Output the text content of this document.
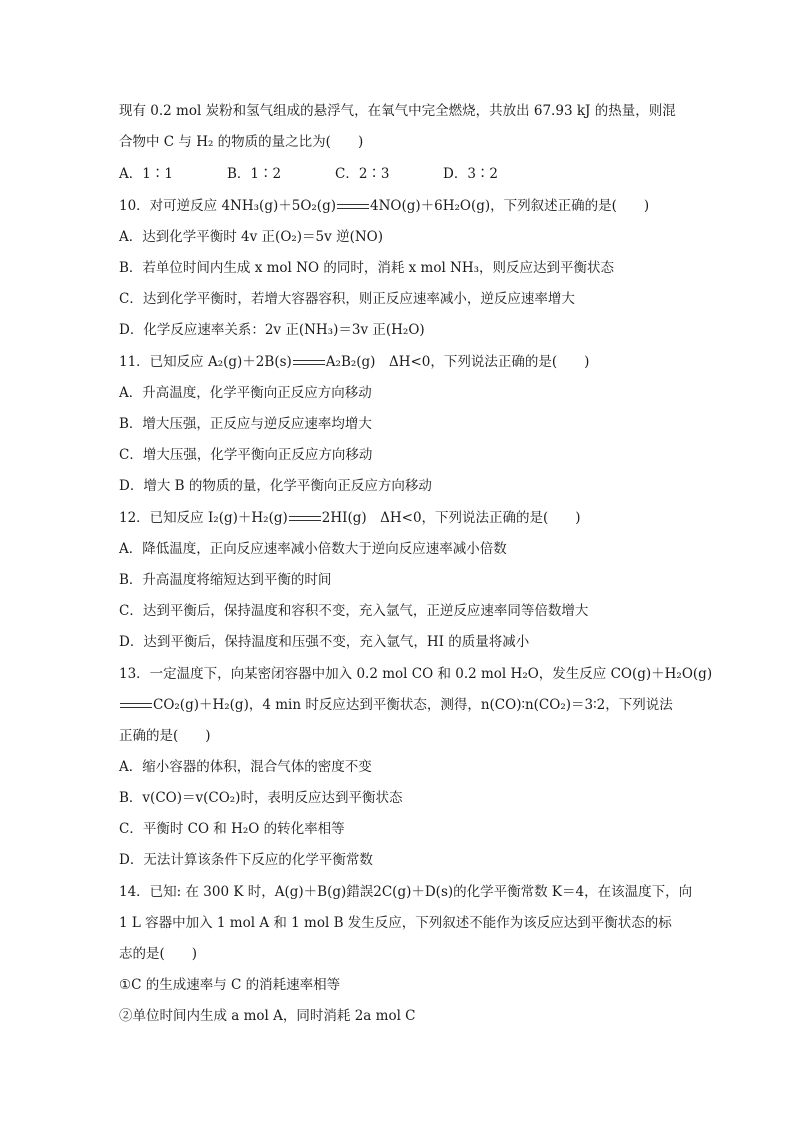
现有 0.2 mol 炭粉和氢气组成的悬浮气，在氧气中完全燃烧，共放出 67.93 kJ 的热量，则混
合物中 C 与 H₂ 的物质的量之比为(　　)
A．1∶1	B．1∶2	C．2∶3	D．3∶2
10．对可逆反应 4NH₃(g)＋5O₂(g)	4NO(g)＋6H₂O(g)，下列叙述正确的是(　　)
A．达到化学平衡时 4v 正(O₂)＝5v 逆(NO)
B．若单位时间内生成 x mol NO 的同时，消耗 x mol NH₃，则反应达到平衡状态
C．达到化学平衡时，若增大容器容积，则正反应速率减小，逆反应速率增大
D．化学反应速率关系：2v 正(NH₃)＝3v 正(H₂O)
11．已知反应 A₂(g)＋2B(s)	A₂B₂(g)　ΔH<0，下列说法正确的是(　　)
A．升高温度，化学平衡向正反应方向移动
B．增大压强，正反应与逆反应速率均增大
C．增大压强，化学平衡向正反应方向移动
D．增大 B 的物质的量，化学平衡向正反应方向移动
12．已知反应 I₂(g)＋H₂(g)	2HI(g)　ΔH<0，下列说法正确的是(　　)
A．降低温度，正向反应速率减小倍数大于逆向反应速率减小倍数
B．升高温度将缩短达到平衡的时间
C．达到平衡后，保持温度和容积不变，充入氩气，正逆反应速率同等倍数增大
D．达到平衡后，保持温度和压强不变，充入氩气，HI 的质量将减小
13．一定温度下，向某密闭容器中加入 0.2 mol CO 和 0.2 mol H₂O，发生反应 CO(g)＋H₂O(g)
CO₂(g)＋H₂(g)，4 min 时反应达到平衡状态，测得，n(CO)∶n(CO₂)＝3∶2，下列说法
正确的是(　　)
A．缩小容器的体积，混合气体的密度不变
B．v(CO)＝v(CO₂)时，表明反应达到平衡状态
C．平衡时 CO 和 H₂O 的转化率相等
D．无法计算该条件下反应的化学平衡常数
14．已知: 在 300 K 时，A(g)＋B(g)錯誤2C(g)＋D(s)的化学平衡常数 K＝4，在该温度下，向
1 L 容器中加入 1 mol A 和 1 mol B 发生反应，下列叙述不能作为该反应达到平衡状态的标
志的是(　　)
①C 的生成速率与 C 的消耗速率相等
②单位时间内生成 a mol A，同时消耗 2a mol C
